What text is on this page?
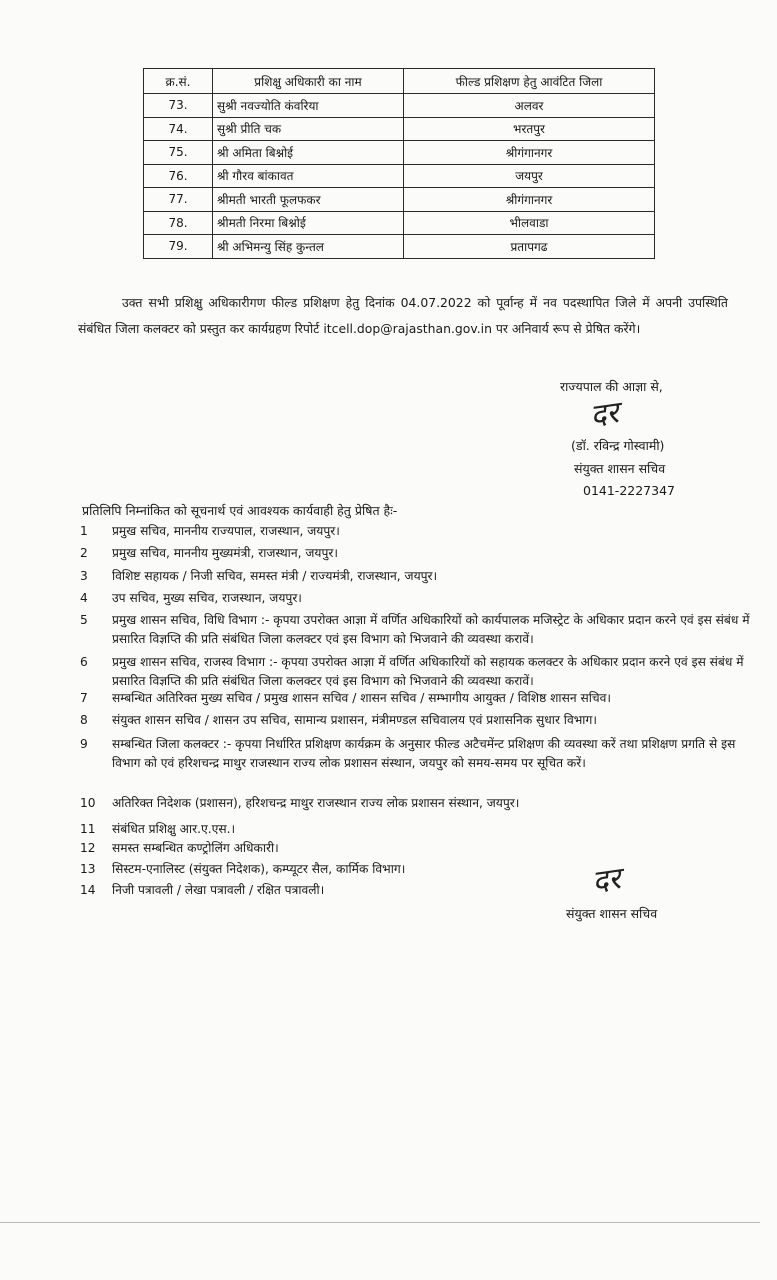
क्र.सं.	प्रशिक्षु अधिकारी का नाम	फील्ड प्रशिक्षण हेतु आवंटित जिला
73.	सुश्री नवज्योति कंवरिया	अलवर
74.	सुश्री प्रीति चक	भरतपुर
75.	श्री अमिता बिश्नोई	श्रीगंगानगर
76.	श्री गौरव बांकावत	जयपुर
77.	श्रीमती भारती फूलफकर	श्रीगंगानगर
78.	श्रीमती निरमा बिश्नोई	भीलवाडा
79.	श्री अभिमन्यु सिंह कुन्तल	प्रतापगढ
उक्त सभी प्रशिक्षु अधिकारीगण फील्ड प्रशिक्षण हेतु दिनांक 04.07.2022 को पूर्वान्ह में नव पदस्थापित जिले में अपनी उपस्थिति संबंधित जिला कलक्टर को प्रस्तुत कर कार्यग्रहण रिपोर्ट itcell.dop@rajasthan.gov.in पर अनिवार्य रूप से प्रेषित करेंगे।
राज्यपाल की आज्ञा से,
दर
(डॉ. रविन्द्र गोस्वामी)
संयुक्त शासन सचिव
0141-2227347
प्रतिलिपि निम्नांकित को सूचनार्थ एवं आवश्यक कार्यवाही हेतु प्रेषित हैः-
1	प्रमुख सचिव, माननीय राज्यपाल, राजस्थान, जयपुर।
2	प्रमुख सचिव, माननीय मुख्यमंत्री, राजस्थान, जयपुर।
3	विशिष्ट सहायक / निजी सचिव, समस्त मंत्री / राज्यमंत्री, राजस्थान, जयपुर।
4	उप सचिव, मुख्य सचिव, राजस्थान, जयपुर।
5	प्रमुख शासन सचिव, विधि विभाग :- कृपया उपरोक्त आज्ञा में वर्णित अधिकारियों को कार्यपालक मजिस्ट्रेट के अधिकार प्रदान करने एवं इस संबंध में प्रसारित विज्ञप्ति की प्रति संबंधित जिला कलक्टर एवं इस विभाग को भिजवाने की व्यवस्था करावें।
6	प्रमुख शासन सचिव, राजस्व विभाग :- कृपया उपरोक्त आज्ञा में वर्णित अधिकारियों को सहायक कलक्टर के अधिकार प्रदान करने एवं इस संबंध में प्रसारित विज्ञप्ति की प्रति संबंधित जिला कलक्टर एवं इस विभाग को भिजवाने की व्यवस्था करावें।
7	सम्बन्धित अतिरिक्त मुख्य सचिव / प्रमुख शासन सचिव / शासन सचिव / सम्भागीय आयुक्त / विशिष्ठ शासन सचिव।
8	संयुक्त शासन सचिव / शासन उप सचिव, सामान्य प्रशासन, मंत्रीमण्डल सचिवालय एवं प्रशासनिक सुधार विभाग।
9	सम्बन्धित जिला कलक्टर :- कृपया निर्धारित प्रशिक्षण कार्यक्रम के अनुसार फील्ड अटैचमेंन्ट प्रशिक्षण की व्यवस्था करें तथा प्रशिक्षण प्रगति से इस विभाग को एवं हरिशचन्द्र माथुर राजस्थान राज्य लोक प्रशासन संस्थान, जयपुर को समय-समय पर सूचित करें।
10	अतिरिक्त निदेशक (प्रशासन), हरिशचन्द्र माथुर राजस्थान राज्य लोक प्रशासन संस्थान, जयपुर।
11	संबंधित प्रशिक्षु आर.ए.एस.।
12	समस्त सम्बन्धित कण्ट्रोलिंग अधिकारी।
13	सिस्टम-एनालिस्ट (संयुक्त निदेशक), कम्प्यूटर सैल, कार्मिक विभाग।
14	निजी पत्रावली / लेखा पत्रावली / रक्षित पत्रावली।	दर
संयुक्त शासन सचिव
